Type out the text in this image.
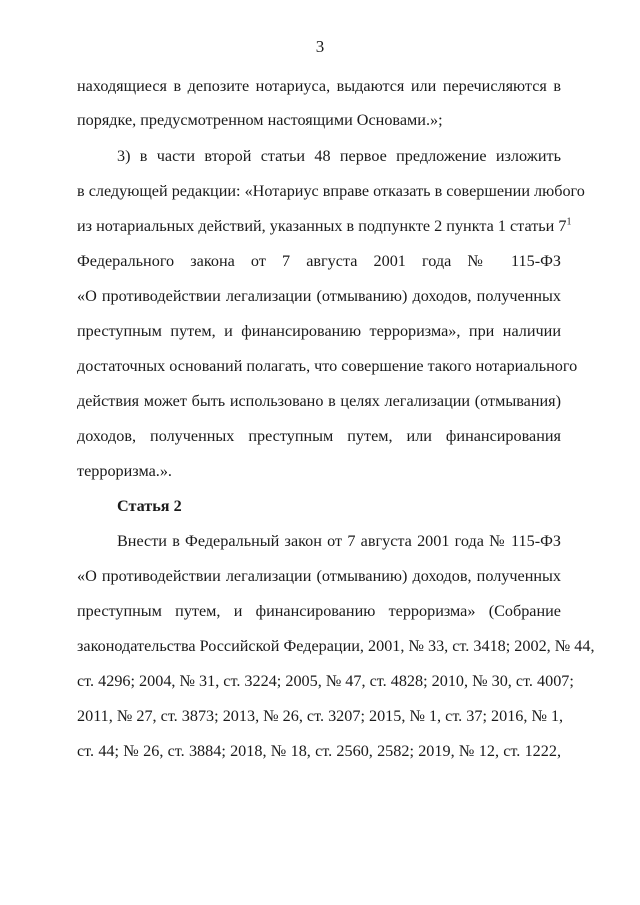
3
находящиеся в депозите нотариуса, выдаются или перечисляются в
порядке, предусмотренном настоящими Основами.»;
3) в части второй статьи 48 первое предложение изложить
в следующей редакции: «Нотариус вправе отказать в совершении любого
из нотариальных действий, указанных в подпункте 2 пункта 1 статьи $7^1$
Федерального закона от 7 августа 2001 года № 115-ФЗ
«О противодействии легализации (отмыванию) доходов, полученных
преступным путем, и финансированию терроризма», при наличии
достаточных оснований полагать, что совершение такого нотариального
действия может быть использовано в целях легализации (отмывания)
доходов, полученных преступным путем, или финансирования
терроризма.».
Статья 2
Внести в Федеральный закон от 7 августа 2001 года № 115-ФЗ
«О противодействии легализации (отмыванию) доходов, полученных
преступным путем, и финансированию терроризма» (Собрание
законодательства Российской Федерации, 2001, № 33, ст. 3418; 2002, № 44,
ст. 4296; 2004, № 31, ст. 3224; 2005, № 47, ст. 4828; 2010, № 30, ст. 4007;
2011, № 27, ст. 3873; 2013, № 26, ст. 3207; 2015, № 1, ст. 37; 2016, № 1,
ст. 44; № 26, ст. 3884; 2018, № 18, ст. 2560, 2582; 2019, № 12, ст. 1222,
